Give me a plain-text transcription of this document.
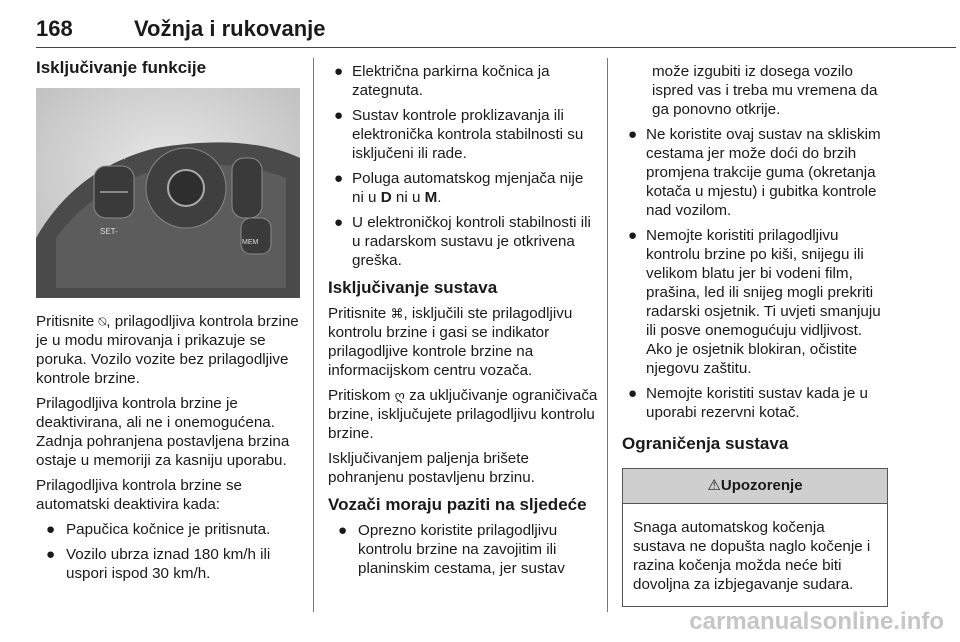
168	Vožnja i rukovanje
Isključivanje funkcije
RES+
SET-
MEM

Pritisnite ⍉, prilagodljiva kontrola brzine je u modu mirovanja i prikazuje se poruka. Vozilo vozite bez prilagodljive kontrole brzine.

Prilagodljiva kontrola brzine je deaktivirana, ali ne i onemogućena. Zadnja pohranjena postavljena brzina ostaje u memoriji za kasniju uporabu.

Prilagodljiva kontrola brzine se automatski deaktivira kada:

● Papučica kočnice je pritisnuta.
● Vozilo ubrza iznad 180 km/h ili uspori ispod 30 km/h.
● Električna parkirna kočnica ja zategnuta.
● Sustav kontrole proklizavanja ili elektronička kontrola stabilnosti su isključeni ili rade.
● Poluga automatskog mjenjača nije ni u D ni u M.
● U elektroničkoj kontroli stabilnosti ili u radarskom sustavu je otkrivena greška.
Isključivanje sustava

Pritisnite ⌘, isključili ste prilagodljivu kontrolu brzine i gasi se indikator prilagodljive kontrole brzine na informacijskom centru vozača.

Pritiskom ღ za uključivanje ograničivača brzine, isključujete prilagodljivu kontrolu brzine.

Isključivanjem paljenja brišete pohranjenu postavljenu brzinu.

Vozači moraju paziti na sljedeće
● Oprezno koristite prilagodljivu kontrolu brzine na zavojitim ili planinskim cestama, jer sustav

može izgubiti iz dosega vozilo ispred vas i treba mu vremena da ga ponovno otkrije.

● Ne koristite ovaj sustav na skliskim cestama jer može doći do brzih promjena trakcije guma (okretanja kotača u mjestu) i gubitka kontrole nad vozilom.
● Nemojte koristiti prilagodljivu kontrolu brzine po kiši, snijegu ili velikom blatu jer bi vodeni film, prašina, led ili snijeg mogli prekriti radarski osjetnik. Ti uvjeti smanjuju ili posve onemogućuju vidljivost. Ako je osjetnik blokiran, očistite njegovu zaštitu.
● Nemojte koristiti sustav kada je u uporabi rezervni kotač.
Ograničenja sustava
⚠Upozorenje
Snaga automatskog kočenja sustava ne dopušta naglo kočenje i razina kočenja možda neće biti dovoljna za izbjegavanje sudara.
carmanualsonline.info
